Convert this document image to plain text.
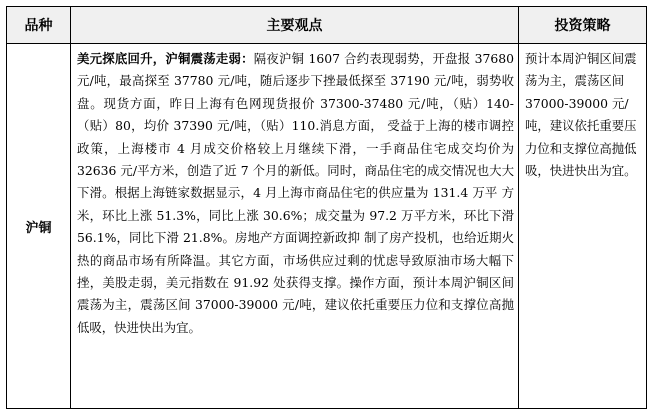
品种	主要观点	投资策略
沪铜	美元探底回升，沪铜震荡走弱：隔夜沪铜 1607 合约表现弱势，开盘报 37680 元/吨，最高探至 37780 元/吨，随后逐步下挫最低探至 37190 元/吨，弱势收盘。现货方面，昨日上海有色网现货报价 37300-37480 元/吨，（贴）140-（贴）80，均价 37390 元/吨，（贴）110.消息方面， 受益于上海的楼市调控政策，上海楼市 4 月成交价格较上月继续下滑，一手商品住宅成交均价为 32636 元/平方米，创造了近 7 个月的新低。同时，商品住宅的成交情况也大大下滑。根据上海链家数据显示，4 月上海市商品住宅的供应量为 131.4 万平 方米，环比上涨 51.3%，同比上涨 30.6%；成交量为 97.2 万平方米，环比下滑 56.1%，同比下滑 21.8%。房地产方面调控新政抑 制了房产投机，也给近期火热的商品市场有所降温。其它方面，市场供应过剩的忧虑导致原油市场大幅下挫，美股走弱，美元指数在 91.92 处获得支撑。操作方面，预计本周沪铜区间震荡为主，震荡区间 37000-39000 元/吨，建议依托重要压力位和支撑位高抛低吸，快进快出为宜。	预计本周沪铜区间震荡为主，震荡区间 37000-39000 元/吨，建议依托重要压力位和支撑位高抛低吸，快进快出为宜。
